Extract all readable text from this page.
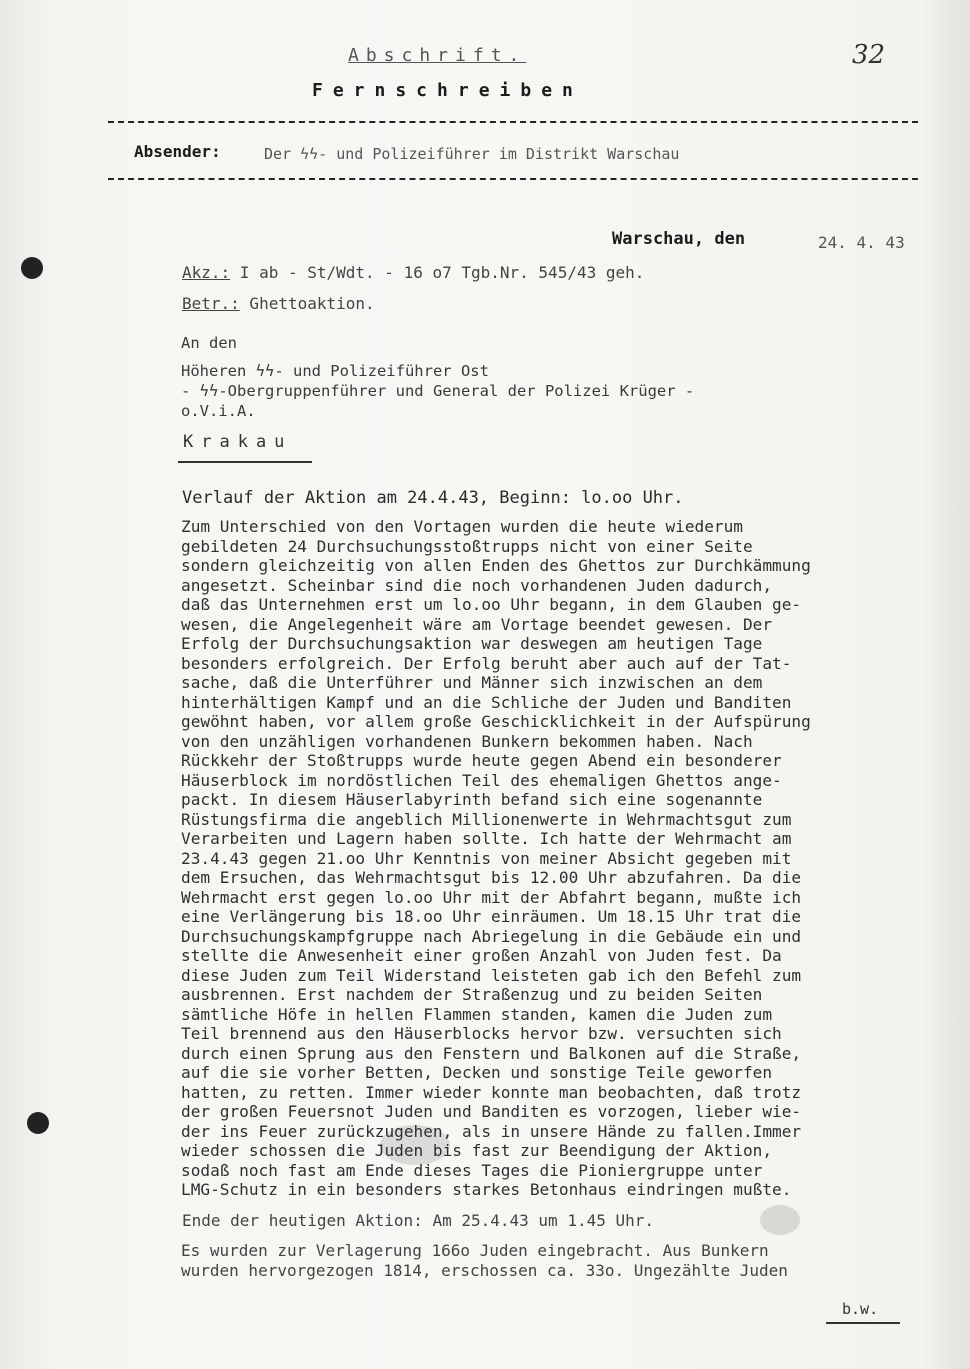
Abschrift.
Fernschreiben
32
Absender:	Der ϟϟ- und Polizeiführer im Distrikt Warschau
Warschau, den	24. 4. 43
Akz.: I ab - St/Wdt. - 16 o7 Tgb.Nr. 545/43 geh.
Betr.: Ghettoaktion.
An den
Höheren ϟϟ- und Polizeiführer Ost
- ϟϟ-Obergruppenführer und General der Polizei Krüger -
o.V.i.A.
Krakau
Verlauf der Aktion am 24.4.43, Beginn: lo.oo Uhr.
Zum Unterschied von den Vortagen wurden die heute wiederum
gebildeten 24 Durchsuchungsstoßtrupps nicht von einer Seite
sondern gleichzeitig von allen Enden des Ghettos zur Durchkämmung
angesetzt. Scheinbar sind die noch vorhandenen Juden dadurch,
daß das Unternehmen erst um lo.oo Uhr begann, in dem Glauben ge-
wesen, die Angelegenheit wäre am Vortage beendet gewesen. Der
Erfolg der Durchsuchungsaktion war deswegen am heutigen Tage
besonders erfolgreich. Der Erfolg beruht aber auch auf der Tat-
sache, daß die Unterführer und Männer sich inzwischen an dem
hinterhältigen Kampf und an die Schliche der Juden und Banditen
gewöhnt haben, vor allem große Geschicklichkeit in der Aufspürung
von den unzähligen vorhandenen Bunkern bekommen haben. Nach
Rückkehr der Stoßtrupps wurde heute gegen Abend ein besonderer
Häuserblock im nordöstlichen Teil des ehemaligen Ghettos ange-
packt. In diesem Häuserlabyrinth befand sich eine sogenannte
Rüstungsfirma die angeblich Millionenwerte in Wehrmachtsgut zum
Verarbeiten und Lagern haben sollte. Ich hatte der Wehrmacht am
23.4.43 gegen 21.oo Uhr Kenntnis von meiner Absicht gegeben mit
dem Ersuchen, das Wehrmachtsgut bis 12.00 Uhr abzufahren. Da die
Wehrmacht erst gegen lo.oo Uhr mit der Abfahrt begann, mußte ich
eine Verlängerung bis 18.oo Uhr einräumen. Um 18.15 Uhr trat die
Durchsuchungskampfgruppe nach Abriegelung in die Gebäude ein und
stellte die Anwesenheit einer großen Anzahl von Juden fest. Da
diese Juden zum Teil Widerstand leisteten gab ich den Befehl zum
ausbrennen. Erst nachdem der Straßenzug und zu beiden Seiten
sämtliche Höfe in hellen Flammen standen, kamen die Juden zum
Teil brennend aus den Häuserblocks hervor bzw. versuchten sich
durch einen Sprung aus den Fenstern und Balkonen auf die Straße,
auf die sie vorher Betten, Decken und sonstige Teile geworfen
hatten, zu retten. Immer wieder konnte man beobachten, daß trotz
der großen Feuersnot Juden und Banditen es vorzogen, lieber wie-
der ins Feuer zurückzugehen, als in unsere Hände zu fallen.Immer
wieder schossen die Juden bis fast zur Beendigung der Aktion,
sodaß noch fast am Ende dieses Tages die Pioniergruppe unter
LMG-Schutz in ein besonders starkes Betonhaus eindringen mußte.
Ende der heutigen Aktion: Am 25.4.43 um 1.45 Uhr.
Es wurden zur Verlagerung 166o Juden eingebracht. Aus Bunkern
wurden hervorgezogen 1814, erschossen ca. 33o. Ungezählte Juden
b.w.
